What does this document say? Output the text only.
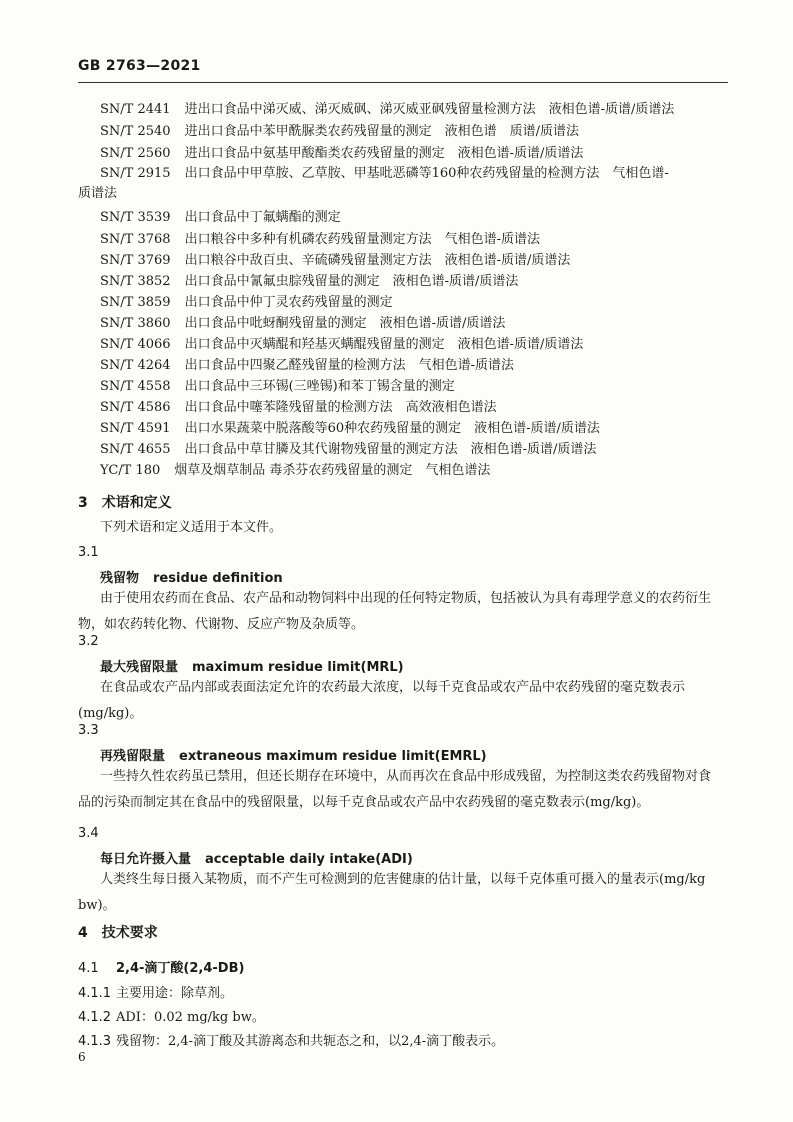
GB 2763—2021
SN/T 2441 进出口食品中涕灭威、涕灭威砜、涕灭威亚砜残留量检测方法　液相色谱-质谱/质谱法
SN/T 2540 进出口食品中苯甲酰脲类农药残留量的测定　液相色谱　质谱/质谱法
SN/T 2560 进出口食品中氨基甲酸酯类农药残留量的测定　液相色谱-质谱/质谱法
SN/T 2915 出口食品中甲草胺、乙草胺、甲基吡恶磷等160种农药残留量的检测方法　气相色谱-
质谱法
SN/T 3539 出口食品中丁氟螨酯的测定
SN/T 3768 出口粮谷中多种有机磷农药残留量测定方法　气相色谱-质谱法
SN/T 3769 出口粮谷中敌百虫、辛硫磷残留量测定方法　液相色谱-质谱/质谱法
SN/T 3852 出口食品中氰氟虫腙残留量的测定　液相色谱-质谱/质谱法
SN/T 3859 出口食品中仲丁灵农药残留量的测定
SN/T 3860 出口食品中吡蚜酮残留量的测定　液相色谱-质谱/质谱法
SN/T 4066 出口食品中灭螨醌和羟基灭螨醌残留量的测定　液相色谱-质谱/质谱法
SN/T 4264 出口食品中四聚乙醛残留量的检测方法　气相色谱-质谱法
SN/T 4558 出口食品中三环锡(三唑锡)和苯丁锡含量的测定
SN/T 4586 出口食品中噻苯隆残留量的检测方法　高效液相色谱法
SN/T 4591 出口水果蔬菜中脱落酸等60种农药残留量的测定　液相色谱-质谱/质谱法
SN/T 4655 出口食品中草甘膦及其代谢物残留量的测定方法　液相色谱-质谱/质谱法
YC/T 180 烟草及烟草制品 毒杀芬农药残留量的测定　气相色谱法
3　术语和定义
下列术语和定义适用于本文件。
3.1
残留物 residue definition
由于使用农药而在食品、农产品和动物饲料中出现的任何特定物质，包括被认为具有毒理学意义的农药衍生物，如农药转化物、代谢物、反应产物及杂质等。
3.2
最大残留限量 maximum residue limit(MRL)
在食品或农产品内部或表面法定允许的农药最大浓度，以每千克食品或农产品中农药残留的毫克数表示(mg/kg)。
3.3
再残留限量 extraneous maximum residue limit(EMRL)
一些持久性农药虽已禁用，但还长期存在环境中，从而再次在食品中形成残留，为控制这类农药残留物对食品的污染而制定其在食品中的残留限量，以每千克食品或农产品中农药残留的毫克数表示(mg/kg)。
3.4
每日允许摄入量 acceptable daily intake(ADI)
人类终生每日摄入某物质，而不产生可检测到的危害健康的估计量，以每千克体重可摄入的量表示(mg/kg bw)。
4　技术要求
4.1 2,4-滴丁酸(2,4-DB)
4.1.1 主要用途：除草剂。
4.1.2 ADI：0.02 mg/kg bw。
4.1.3 残留物：2,4-滴丁酸及其游离态和共轭态之和，以2,4-滴丁酸表示。
6
